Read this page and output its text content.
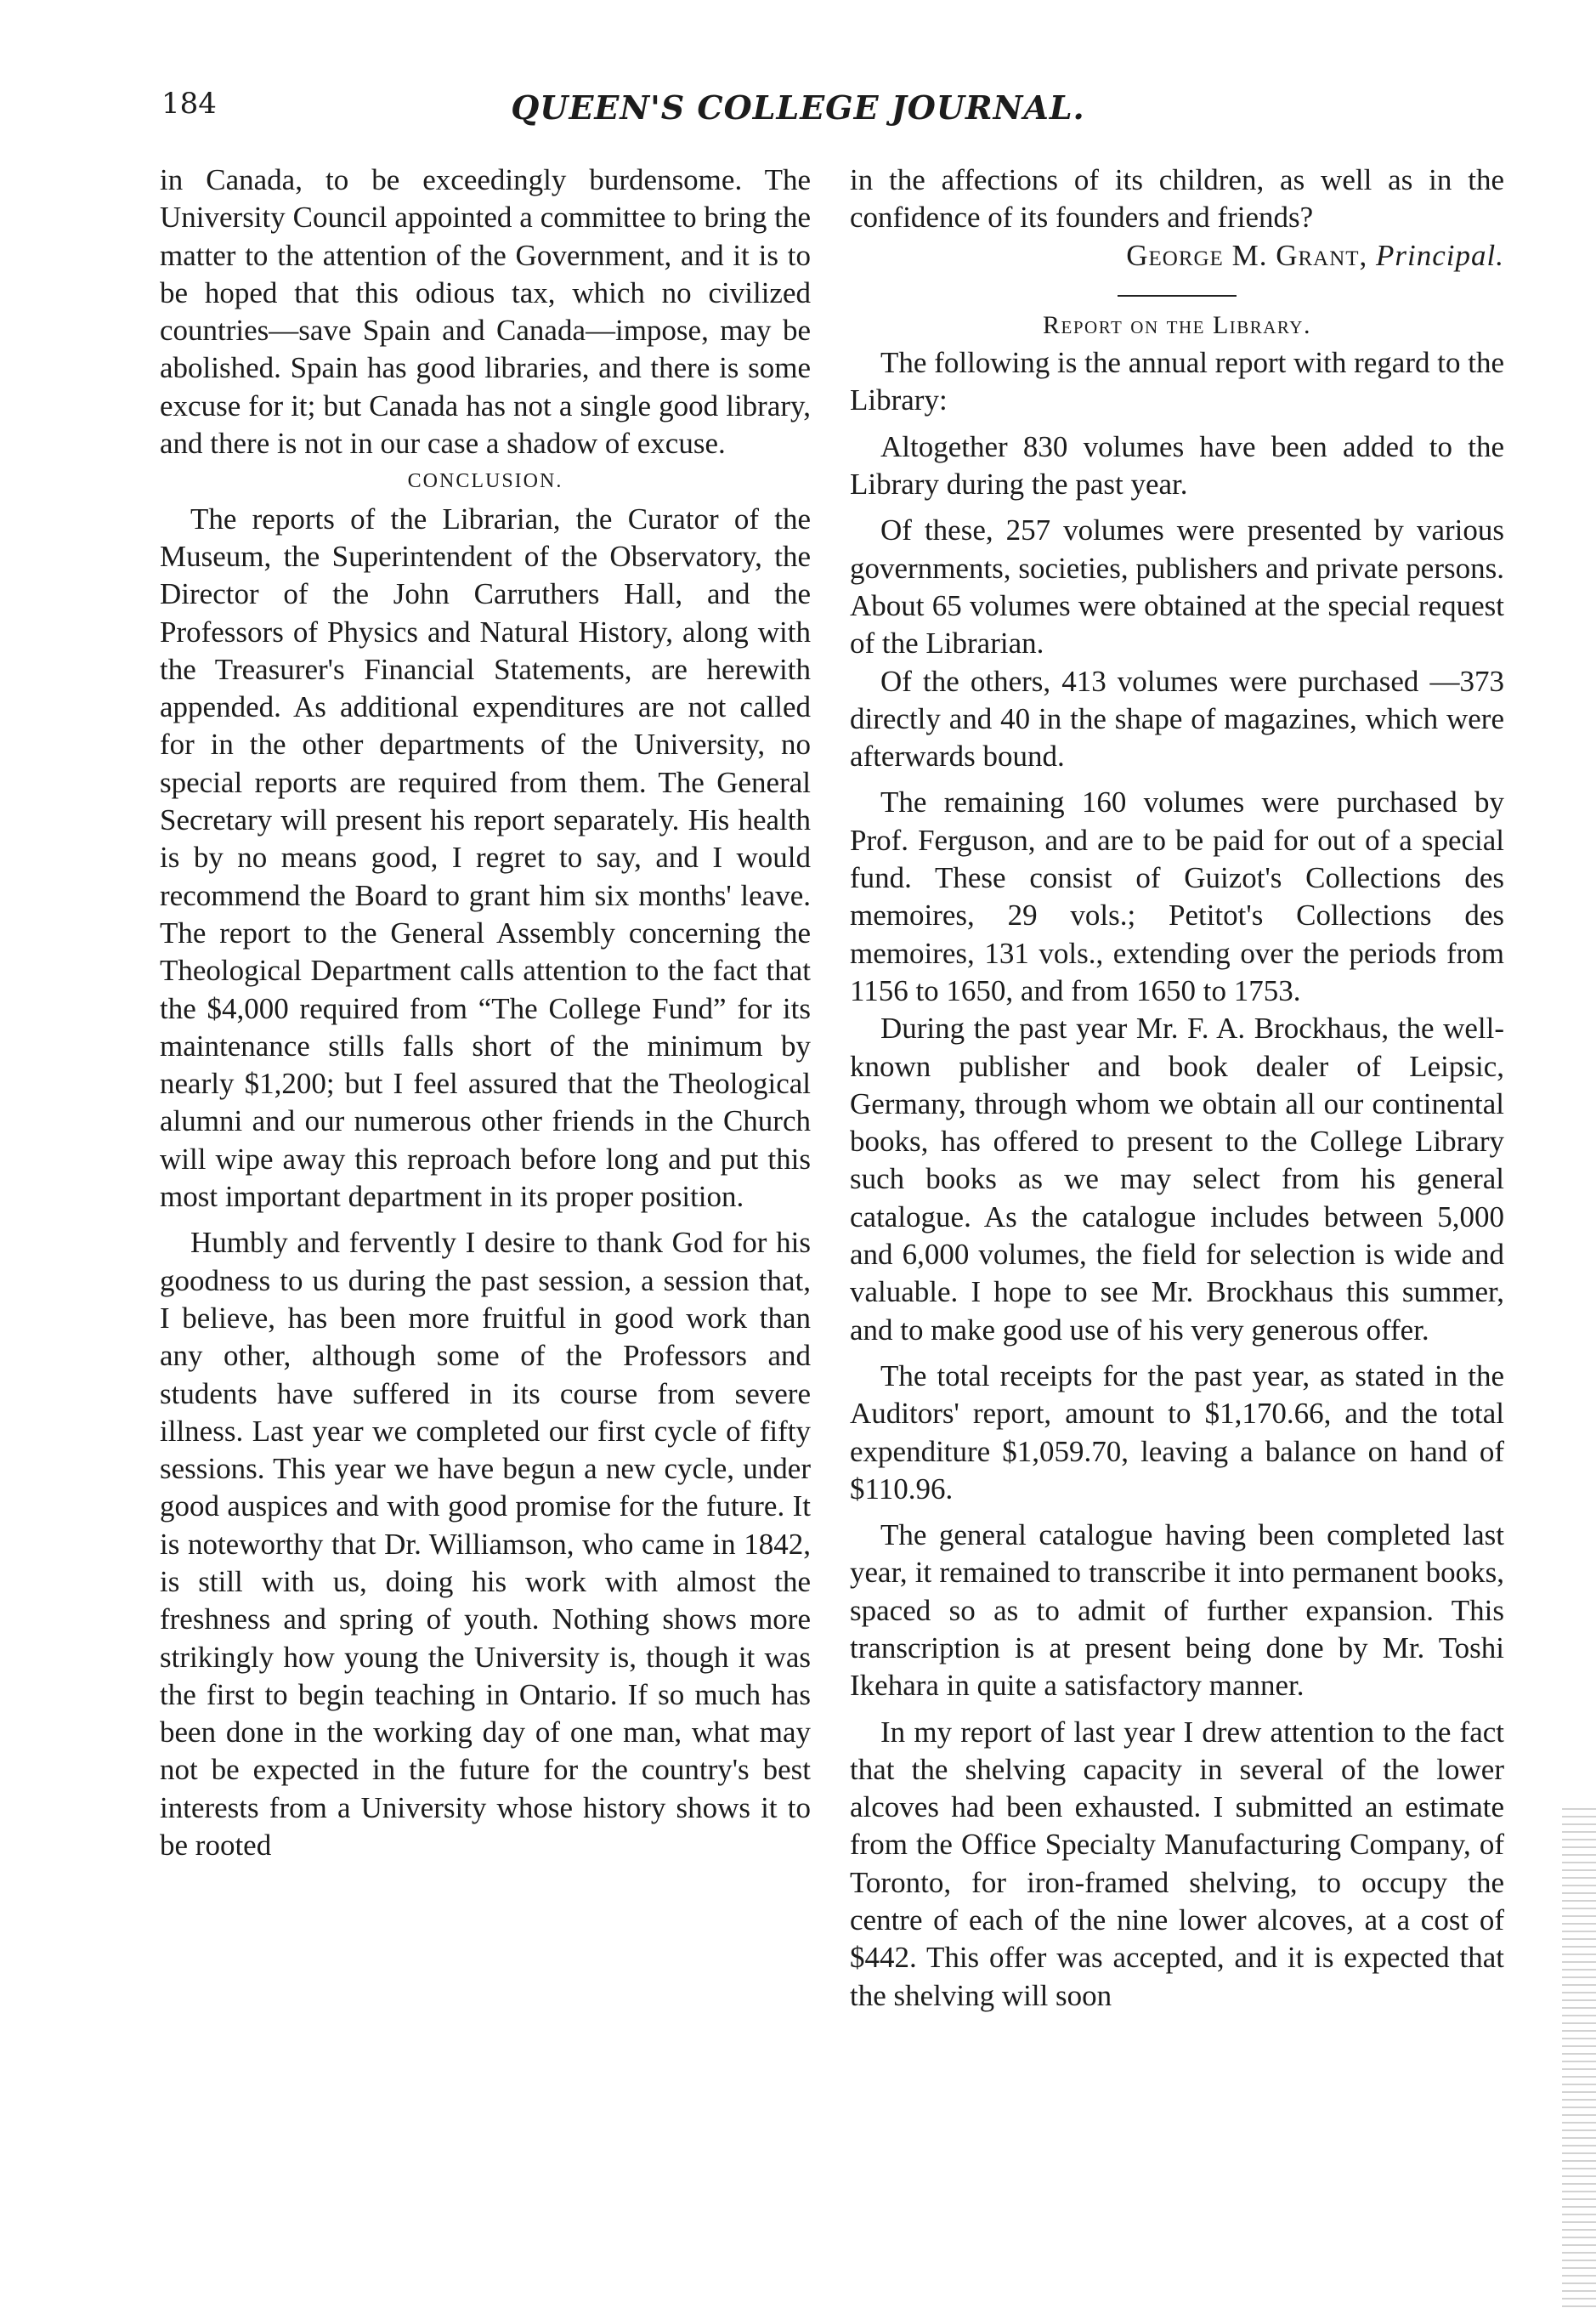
184	QUEEN'S COLLEGE JOURNAL.

in Canada, to be exceedingly burdensome. The University Council appointed a committee to bring the matter to the attention of the Government, and it is to be hoped that this odious tax, which no civilized countries—save Spain and Canada—impose, may be abolished. Spain has good libraries, and there is some excuse for it; but Canada has not a single good library, and there is not in our case a shadow of excuse.

CONCLUSION.

The reports of the Librarian, the Curator of the Museum, the Superintendent of the Observatory, the Director of the John Carruthers Hall, and the Professors of Physics and Natural History, along with the Treasurer's Financial Statements, are herewith appended. As additional expenditures are not called for in the other departments of the University, no special reports are required from them. The General Secretary will present his report separately. His health is by no means good, I regret to say, and I would recommend the Board to grant him six months' leave. The report to the General Assembly concerning the Theological Department calls attention to the fact that the $4,000 required from “The College Fund” for its maintenance stills falls short of the minimum by nearly $1,200; but I feel assured that the Theological alumni and our numerous other friends in the Church will wipe away this reproach before long and put this most important department in its proper position.

Humbly and fervently I desire to thank God for his goodness to us during the past session, a session that, I believe, has been more fruitful in good work than any other, although some of the Professors and students have suffered in its course from severe illness. Last year we completed our first cycle of fifty sessions. This year we have begun a new cycle, under good auspices and with good promise for the future. It is noteworthy that Dr. Williamson, who came in 1842, is still with us, doing his work with almost the freshness and spring of youth. Nothing shows more strikingly how young the University is, though it was the first to begin teaching in Ontario. If so much has been done in the working day of one man, what may not be expected in the future for the country's best interests from a University whose history shows it to be rooted

in the affections of its children, as well as in the confidence of its founders and friends?

George M. Grant, Principal.
Report on the Library.

The following is the annual report with regard to the Library:

Altogether 830 volumes have been added to the Library during the past year.

Of these, 257 volumes were presented by various governments, societies, publishers and private persons. About 65 volumes were obtained at the special request of the Librarian.

Of the others, 413 volumes were purchased —373 directly and 40 in the shape of magazines, which were afterwards bound.

The remaining 160 volumes were purchased by Prof. Ferguson, and are to be paid for out of a special fund. These consist of Guizot's Collections des memoires, 29 vols.; Petitot's Collections des memoires, 131 vols., extending over the periods from 1156 to 1650, and from 1650 to 1753.

During the past year Mr. F. A. Brockhaus, the well-known publisher and book dealer of Leipsic, Germany, through whom we obtain all our continental books, has offered to present to the College Library such books as we may select from his general catalogue. As the catalogue includes between 5,000 and 6,000 volumes, the field for selection is wide and valuable. I hope to see Mr. Brockhaus this summer, and to make good use of his very generous offer.

The total receipts for the past year, as stated in the Auditors' report, amount to $1,170.66, and the total expenditure $1,059.70, leaving a balance on hand of $110.96.

The general catalogue having been completed last year, it remained to transcribe it into permanent books, spaced so as to admit of further expansion. This transcription is at present being done by Mr. Toshi Ikehara in quite a satisfactory manner.

In my report of last year I drew attention to the fact that the shelving capacity in several of the lower alcoves had been exhausted. I submitted an estimate from the Office Specialty Manufacturing Company, of Toronto, for iron-framed shelving, to occupy the centre of each of the nine lower alcoves, at a cost of $442. This offer was accepted, and it is expected that the shelving will soon
